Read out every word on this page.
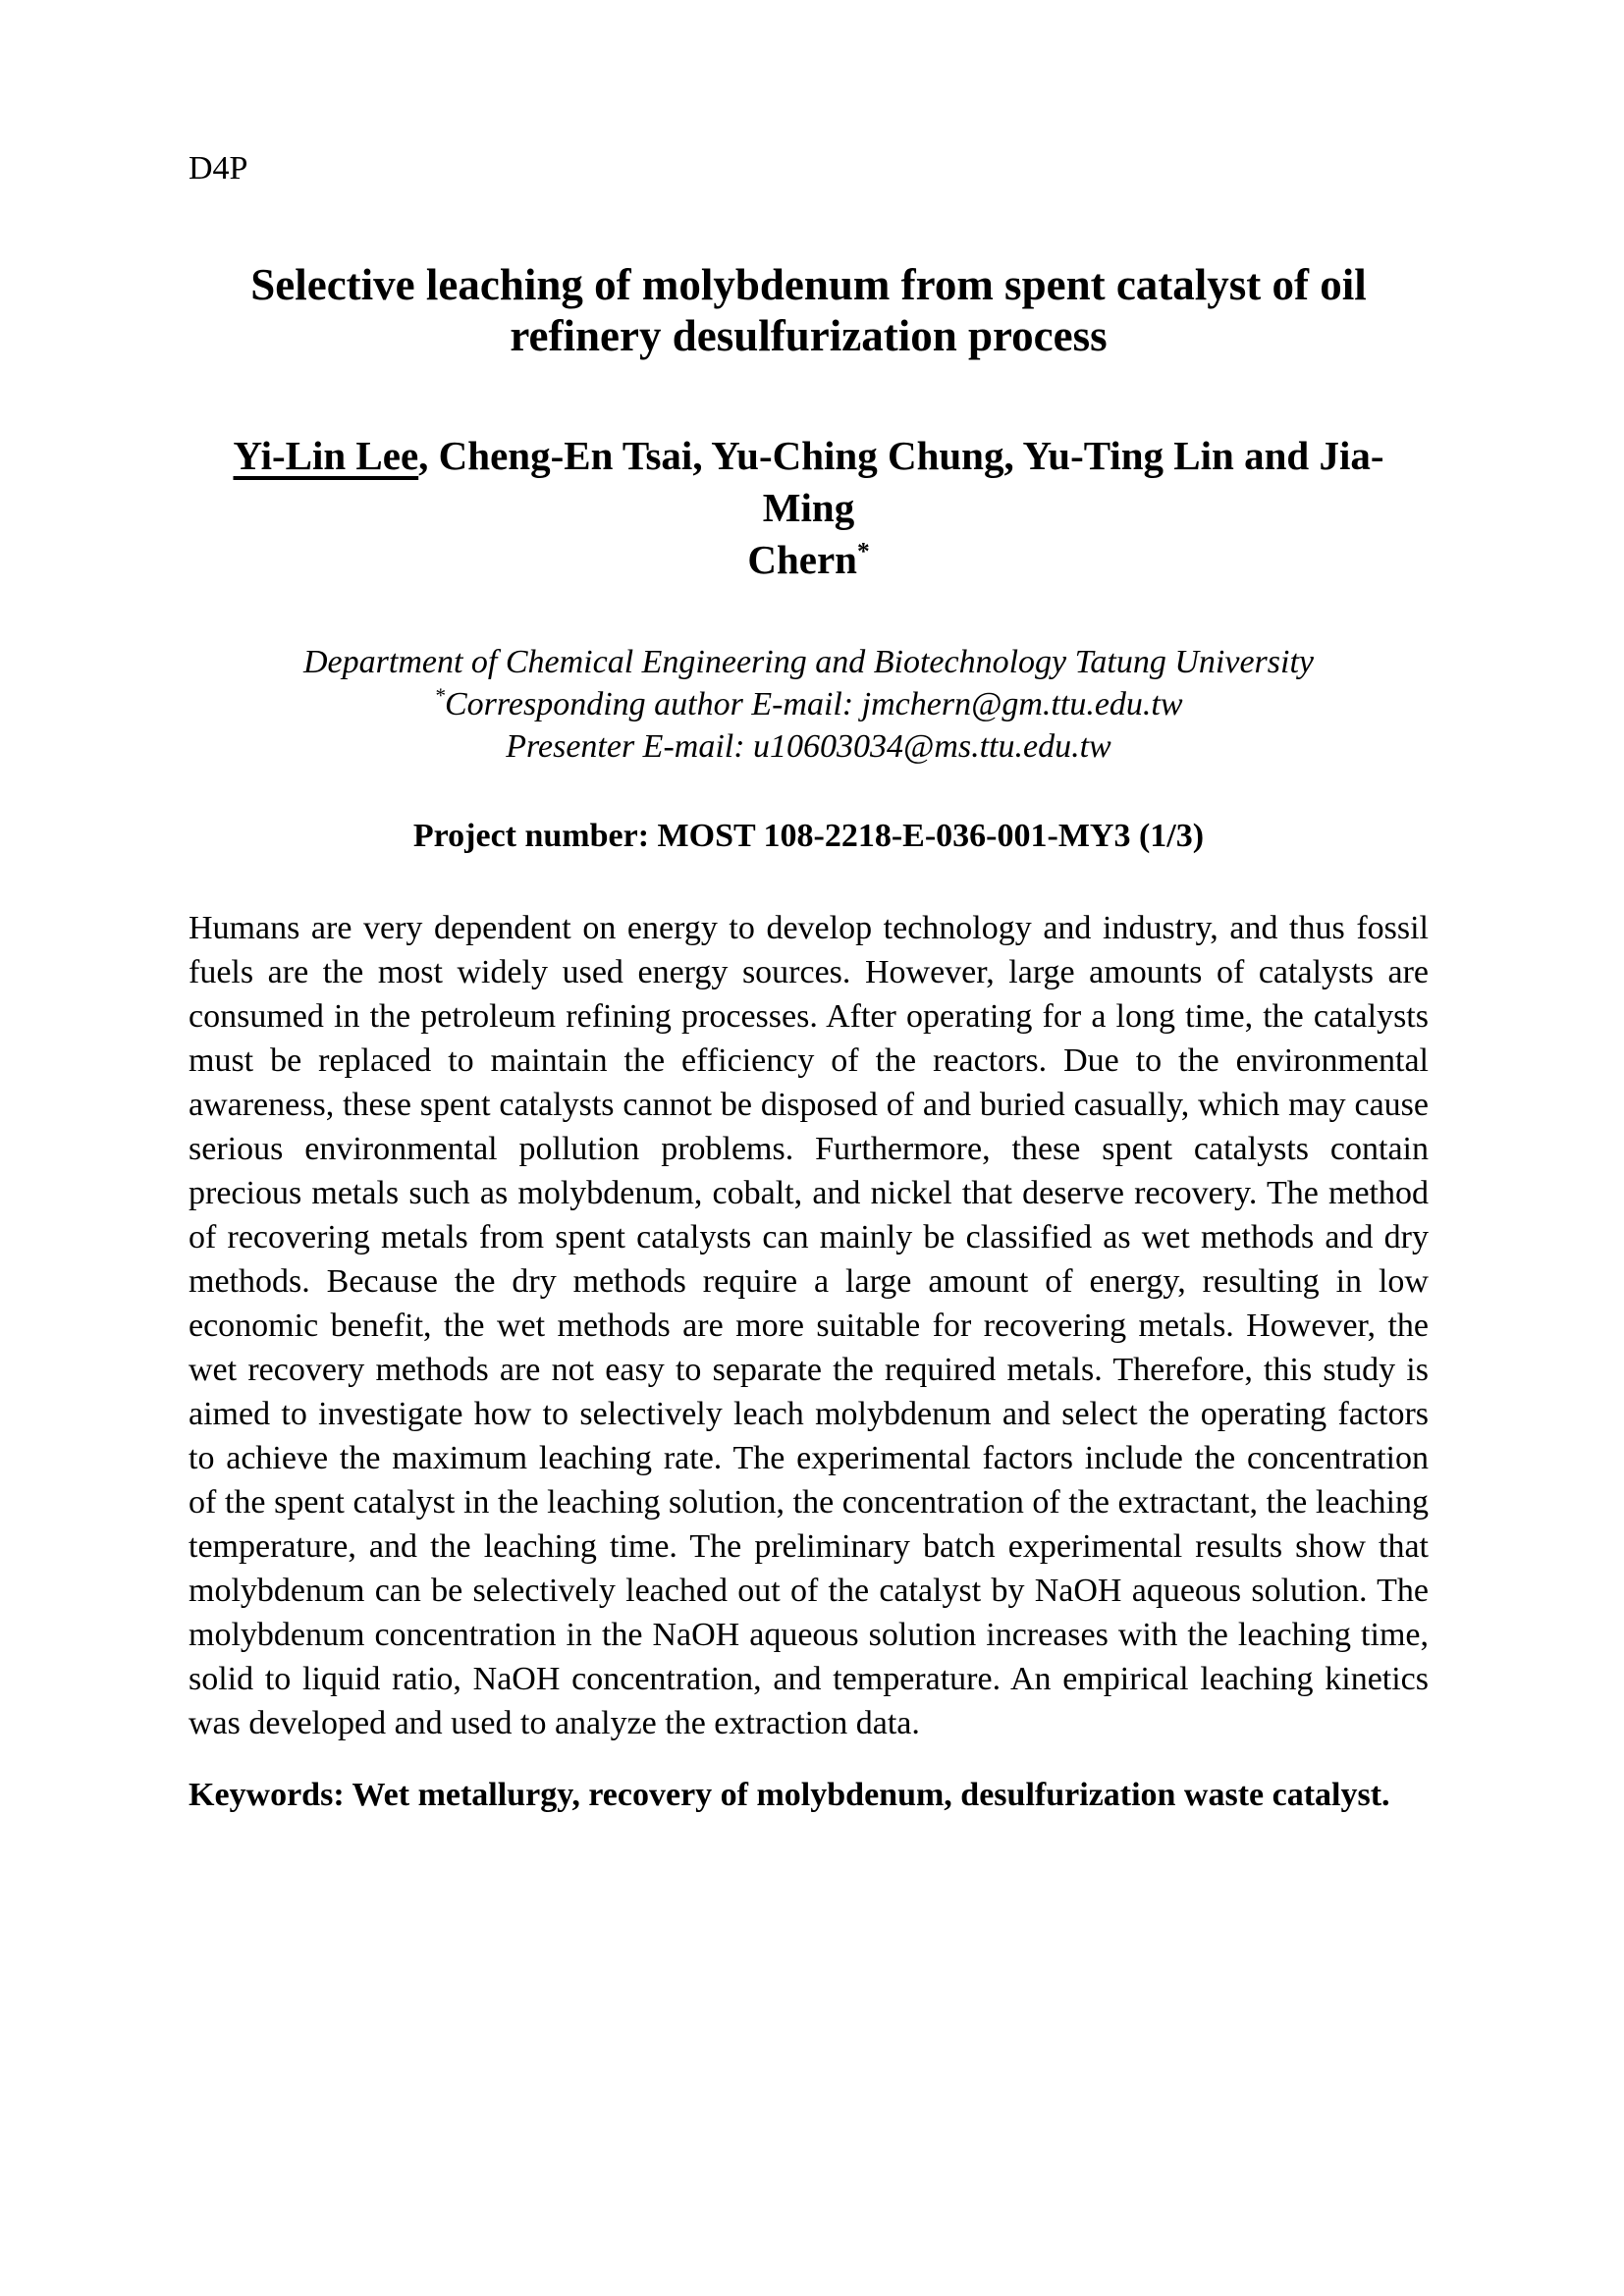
D4P
Selective leaching of molybdenum from spent catalyst of oil
refinery desulfurization process
Yi-Lin Lee, Cheng-En Tsai, Yu-Ching Chung, Yu-Ting Lin and Jia-Ming
Chern*
Department of Chemical Engineering and Biotechnology Tatung University
*Corresponding author E-mail: jmchern@gm.ttu.edu.tw
Presenter E-mail: u10603034@ms.ttu.edu.tw
Project number: MOST 108-2218-E-036-001-MY3 (1/3)

Humans are very dependent on energy to develop technology and industry, and thus fossil fuels are the most widely used energy sources. However, large amounts of catalysts are consumed in the petroleum refining processes. After operating for a long time, the catalysts must be replaced to maintain the efficiency of the reactors. Due to the environmental awareness, these spent catalysts cannot be disposed of and buried casually, which may cause serious environmental pollution problems. Furthermore, these spent catalysts contain precious metals such as molybdenum, cobalt, and nickel that deserve recovery. The method of recovering metals from spent catalysts can mainly be classified as wet methods and dry methods. Because the dry methods require a large amount of energy, resulting in low economic benefit, the wet methods are more suitable for recovering metals. However, the wet recovery methods are not easy to separate the required metals. Therefore, this study is aimed to investigate how to selectively leach molybdenum and select the operating factors to achieve the maximum leaching rate. The experimental factors include the concentration of the spent catalyst in the leaching solution, the concentration of the extractant, the leaching temperature, and the leaching time. The preliminary batch experimental results show that molybdenum can be selectively leached out of the catalyst by NaOH aqueous solution. The molybdenum concentration in the NaOH aqueous solution increases with the leaching time, solid to liquid ratio, NaOH concentration, and temperature. An empirical leaching kinetics was developed and used to analyze the extraction data.

Keywords: Wet metallurgy, recovery of molybdenum, desulfurization waste catalyst.
